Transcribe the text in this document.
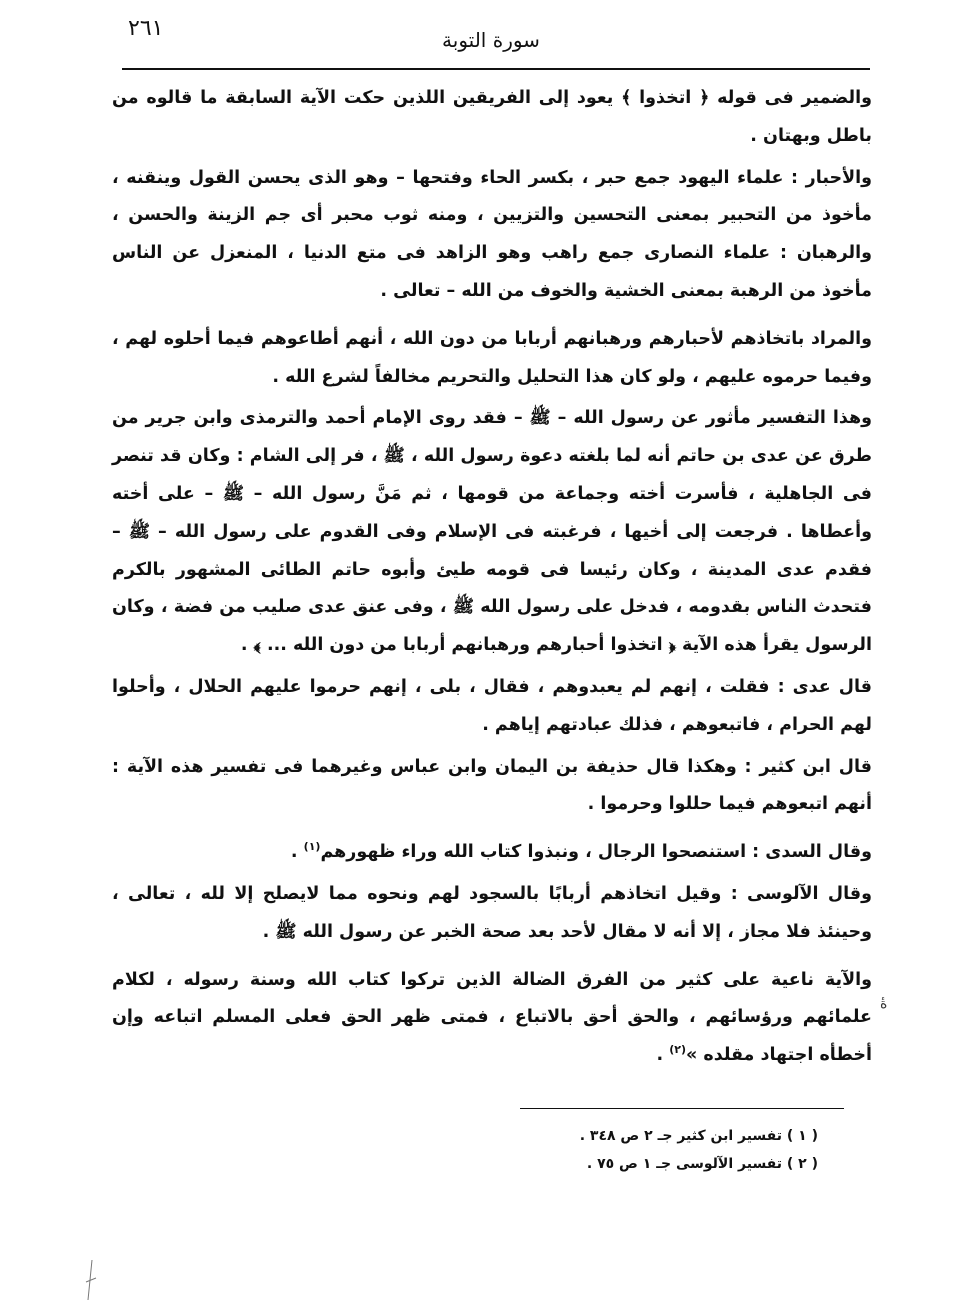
٢٦١	سورة التوبة

والضمير فى قوله ﴿ اتخذوا ﴾ يعود إلى الفريقين اللذين حكت الآية السابقة ما قالوه من باطل وبهتان .

والأحبار : علماء اليهود جمع حبر ، بكسر الحاء وفتحها – وهو الذى يحسن القول وينقنه ، مأخوذ من التحبير بمعنى التحسين والتزيين ، ومنه ثوب محبر أى جم الزينة والحسن ، والرهبان : علماء النصارى جمع راهب وهو الزاهد فى متع الدنيا ، المنعزل عن الناس مأخوذ من الرهبة بمعنى الخشية والخوف من الله – تعالى .

والمراد باتخاذهم لأحبارهم ورهبانهم أربابا من دون الله ، أنهم أطاعوهم فيما أحلوه لهم ، وفيما حرموه عليهم ، ولو كان هذا التحليل والتحريم مخالفاً لشرع الله .

وهذا التفسير مأثور عن رسول الله – ﷺ – فقد روى الإمام أحمد والترمذى وابن جرير من طرق عن عدى بن حاتم أنه لما بلغته دعوة رسول الله ، ﷺ ، فر إلى الشام : وكان قد تنصر فى الجاهلية ، فأسرت أخته وجماعة من قومها ، ثم مَنَّ رسول الله – ﷺ – على أخته وأعطاها . فرجعت إلى أخيها ، فرغبته فى الإسلام وفى القدوم على رسول الله – ﷺ –فقدم عدى المدينة ، وكان رئيسا فى قومه طيئ وأبوه حاتم الطائى المشهور بالكرم فتحدث الناس بقدومه ، فدخل على رسول الله ﷺ ، وفى عنق عدى صليب من فضة ، وكان الرسول يقرأ هذه الآية ﴿ اتخذوا أحبارهم ورهبانهم أربابا من دون الله ... ﴾ .

قال عدى : فقلت ، إنهم لم يعبدوهم ، فقال ، بلى ، إنهم حرموا عليهم الحلال ، وأحلوا لهم الحرام ، فاتبعوهم ، فذلك عبادتهم إياهم .

قال ابن كثير : وهكذا قال حذيفة بن اليمان وابن عباس وغيرهما فى تفسير هذه الآية : أنهم اتبعوهم فيما حللوا وحرموا .

وقال السدى : استنصحوا الرجال ، ونبذوا كتاب الله وراء ظهورهم$^{(١)}$ .

وقال الآلوسى : وقيل اتخاذهم أربابًا بالسجود لهم ونحوه مما لايصلح إلا لله ، تعالى ، وحينئذ فلا مجاز ، إلا أنه لا مقال لأحد بعد صحة الخبر عن رسول الله ﷺ .

والآية ناعية على كثير من الفرق الضالة الذين تركوا كتاب الله وسنة رسوله ، لكلام علمائهم ورؤسائهم ، والحق أحق بالاتباع ، فمتى ظهر الحق فعلى المسلم اتباعه وإن أخطأه اجتهاد مقلده »$^{(٢)}$ .

ةٔ

( ١ ) تفسير ابن كثير جـ ٢ ص ٣٤٨ .

( ٢ ) تفسير الآلوسى جـ ١ ص ٧٥ .
